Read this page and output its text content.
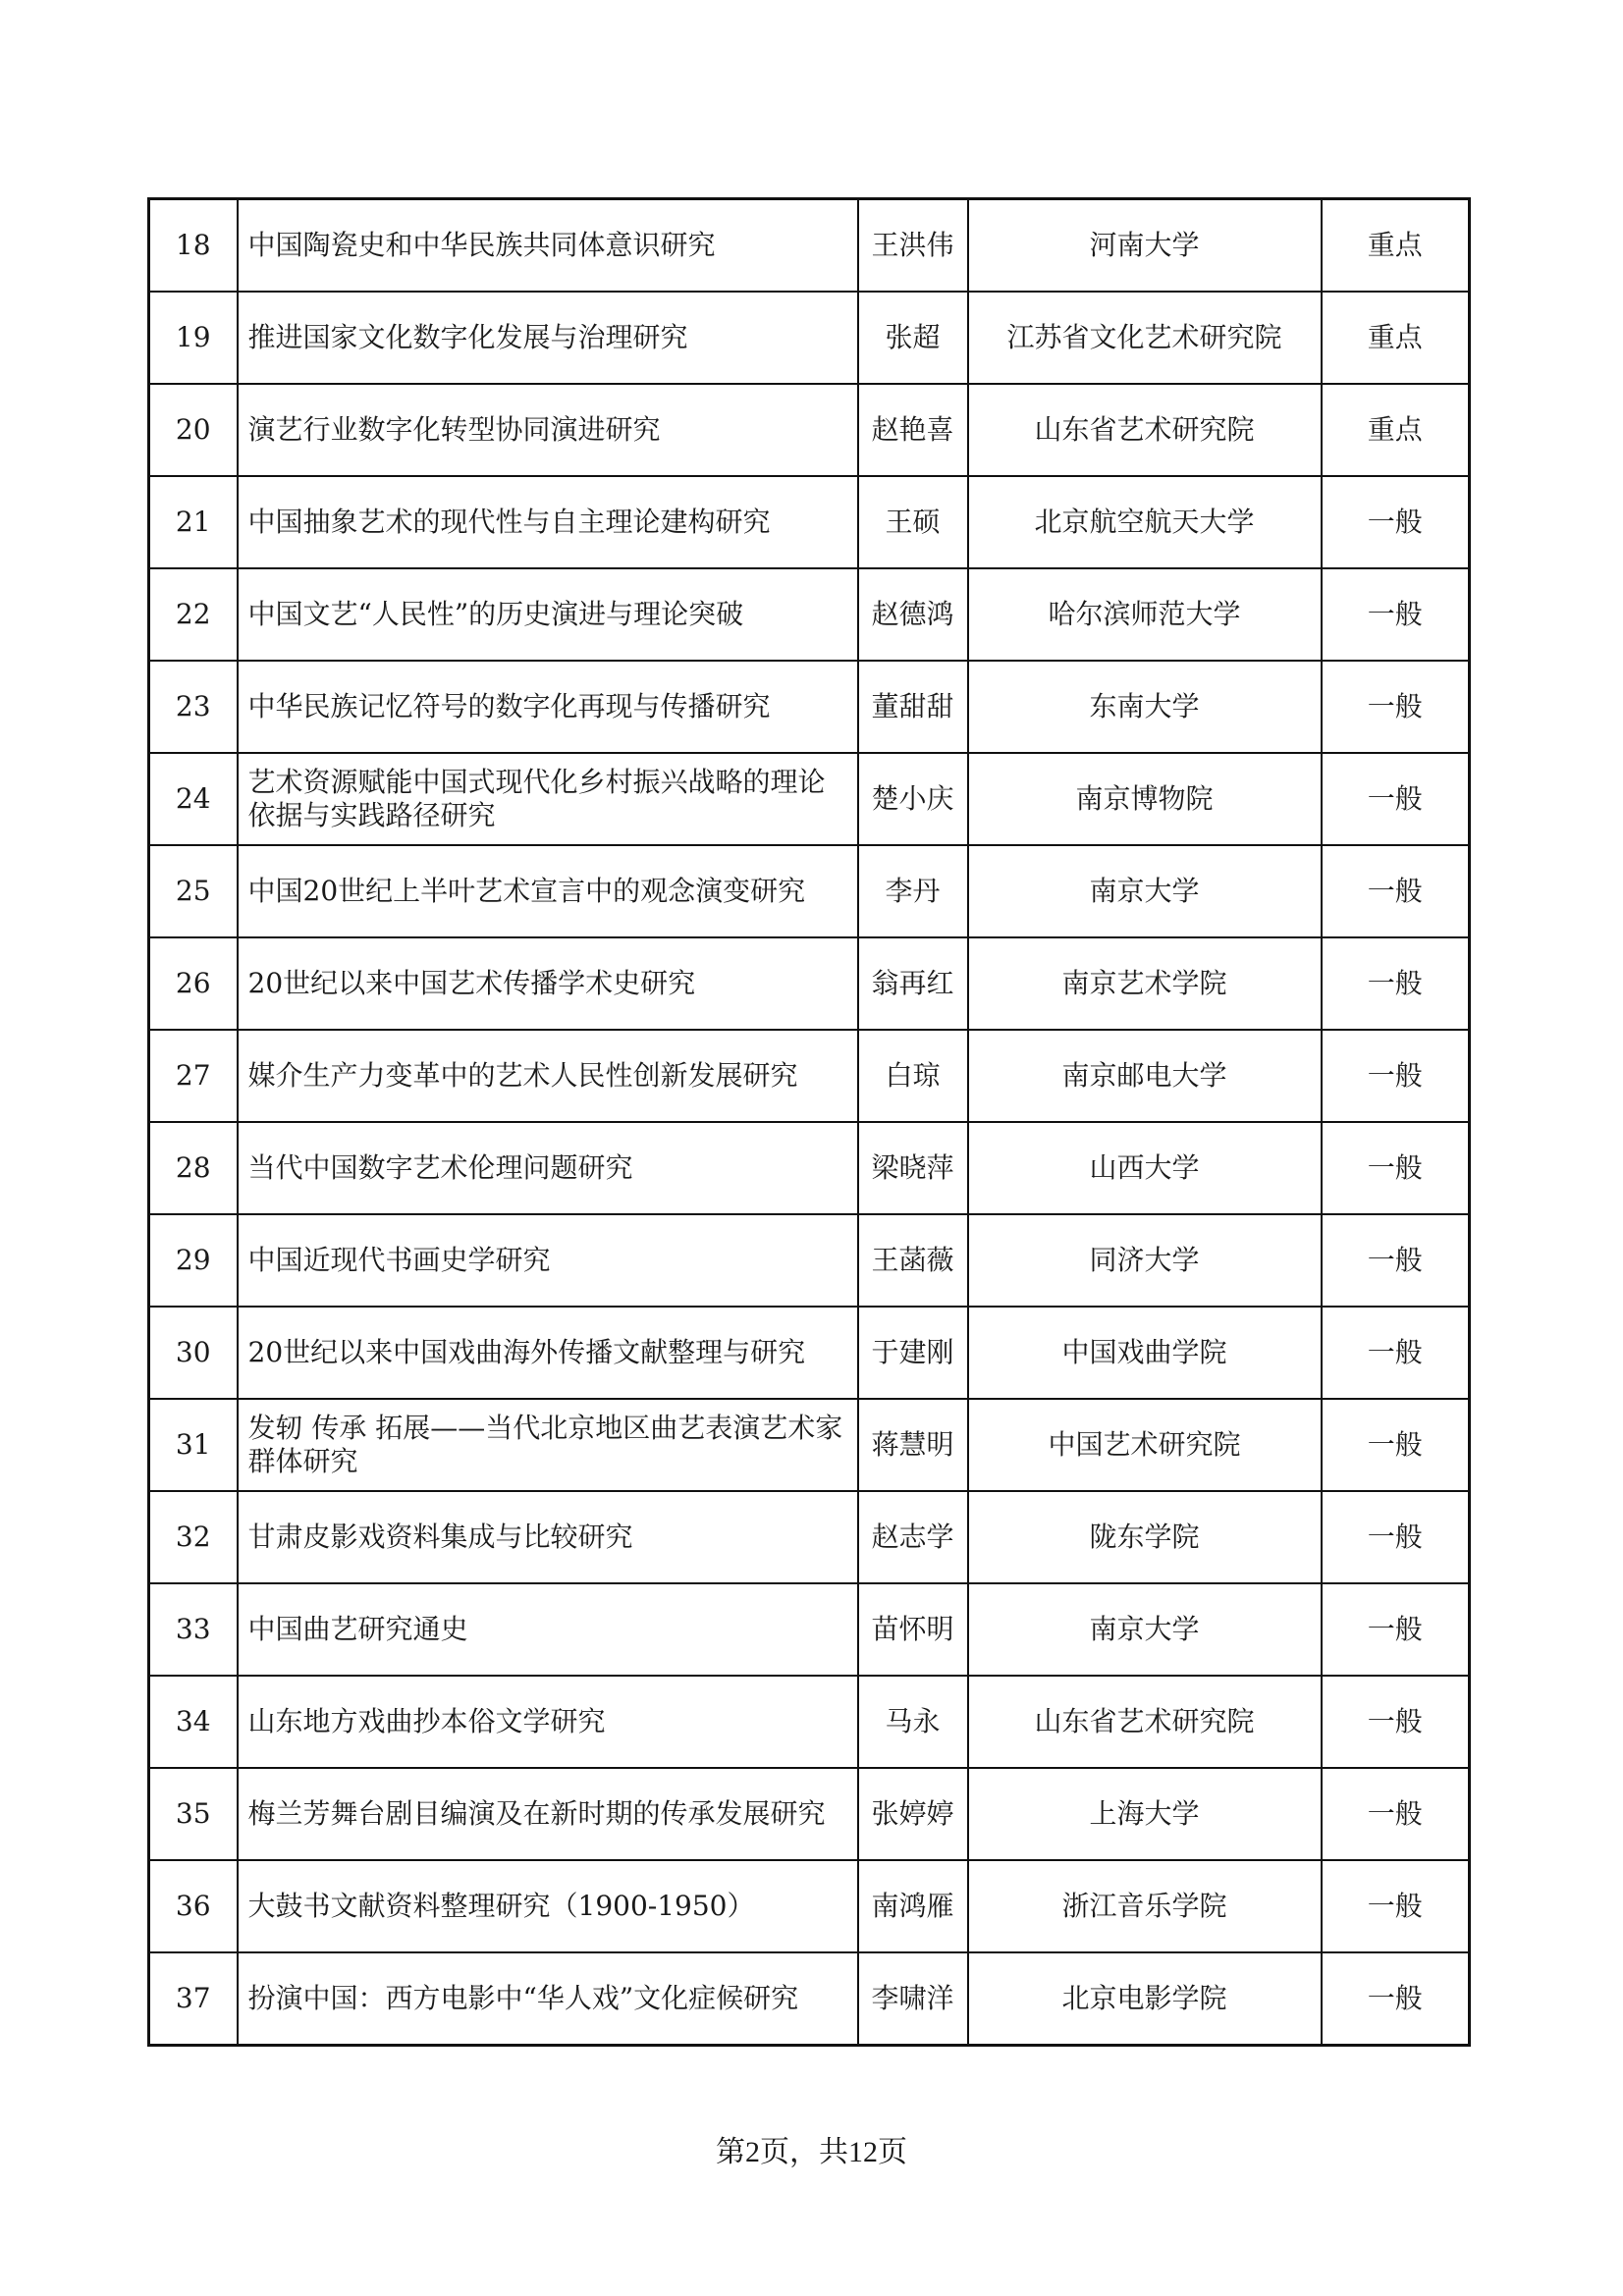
18	中国陶瓷史和中华民族共同体意识研究	王洪伟	河南大学	重点
19	推进国家文化数字化发展与治理研究	张超	江苏省文化艺术研究院	重点
20	演艺行业数字化转型协同演进研究	赵艳喜	山东省艺术研究院	重点
21	中国抽象艺术的现代性与自主理论建构研究	王硕	北京航空航天大学	一般
22	中国文艺“人民性”的历史演进与理论突破	赵德鸿	哈尔滨师范大学	一般
23	中华民族记忆符号的数字化再现与传播研究	董甜甜	东南大学	一般
24	艺术资源赋能中国式现代化乡村振兴战略的理论依据与实践路径研究	楚小庆	南京博物院	一般
25	中国20世纪上半叶艺术宣言中的观念演变研究	李丹	南京大学	一般
26	20世纪以来中国艺术传播学术史研究	翁再红	南京艺术学院	一般
27	媒介生产力变革中的艺术人民性创新发展研究	白琼	南京邮电大学	一般
28	当代中国数字艺术伦理问题研究	梁晓萍	山西大学	一般
29	中国近现代书画史学研究	王菡薇	同济大学	一般
30	20世纪以来中国戏曲海外传播文献整理与研究	于建刚	中国戏曲学院	一般
31	发轫 传承 拓展——当代北京地区曲艺表演艺术家群体研究	蒋慧明	中国艺术研究院	一般
32	甘肃皮影戏资料集成与比较研究	赵志学	陇东学院	一般
33	中国曲艺研究通史	苗怀明	南京大学	一般
34	山东地方戏曲抄本俗文学研究	马永	山东省艺术研究院	一般
35	梅兰芳舞台剧目编演及在新时期的传承发展研究	张婷婷	上海大学	一般
36	大鼓书文献资料整理研究（1900-1950）	南鸿雁	浙江音乐学院	一般
37	扮演中国：西方电影中“华人戏”文化症候研究	李啸洋	北京电影学院	一般
第2页，共12页
